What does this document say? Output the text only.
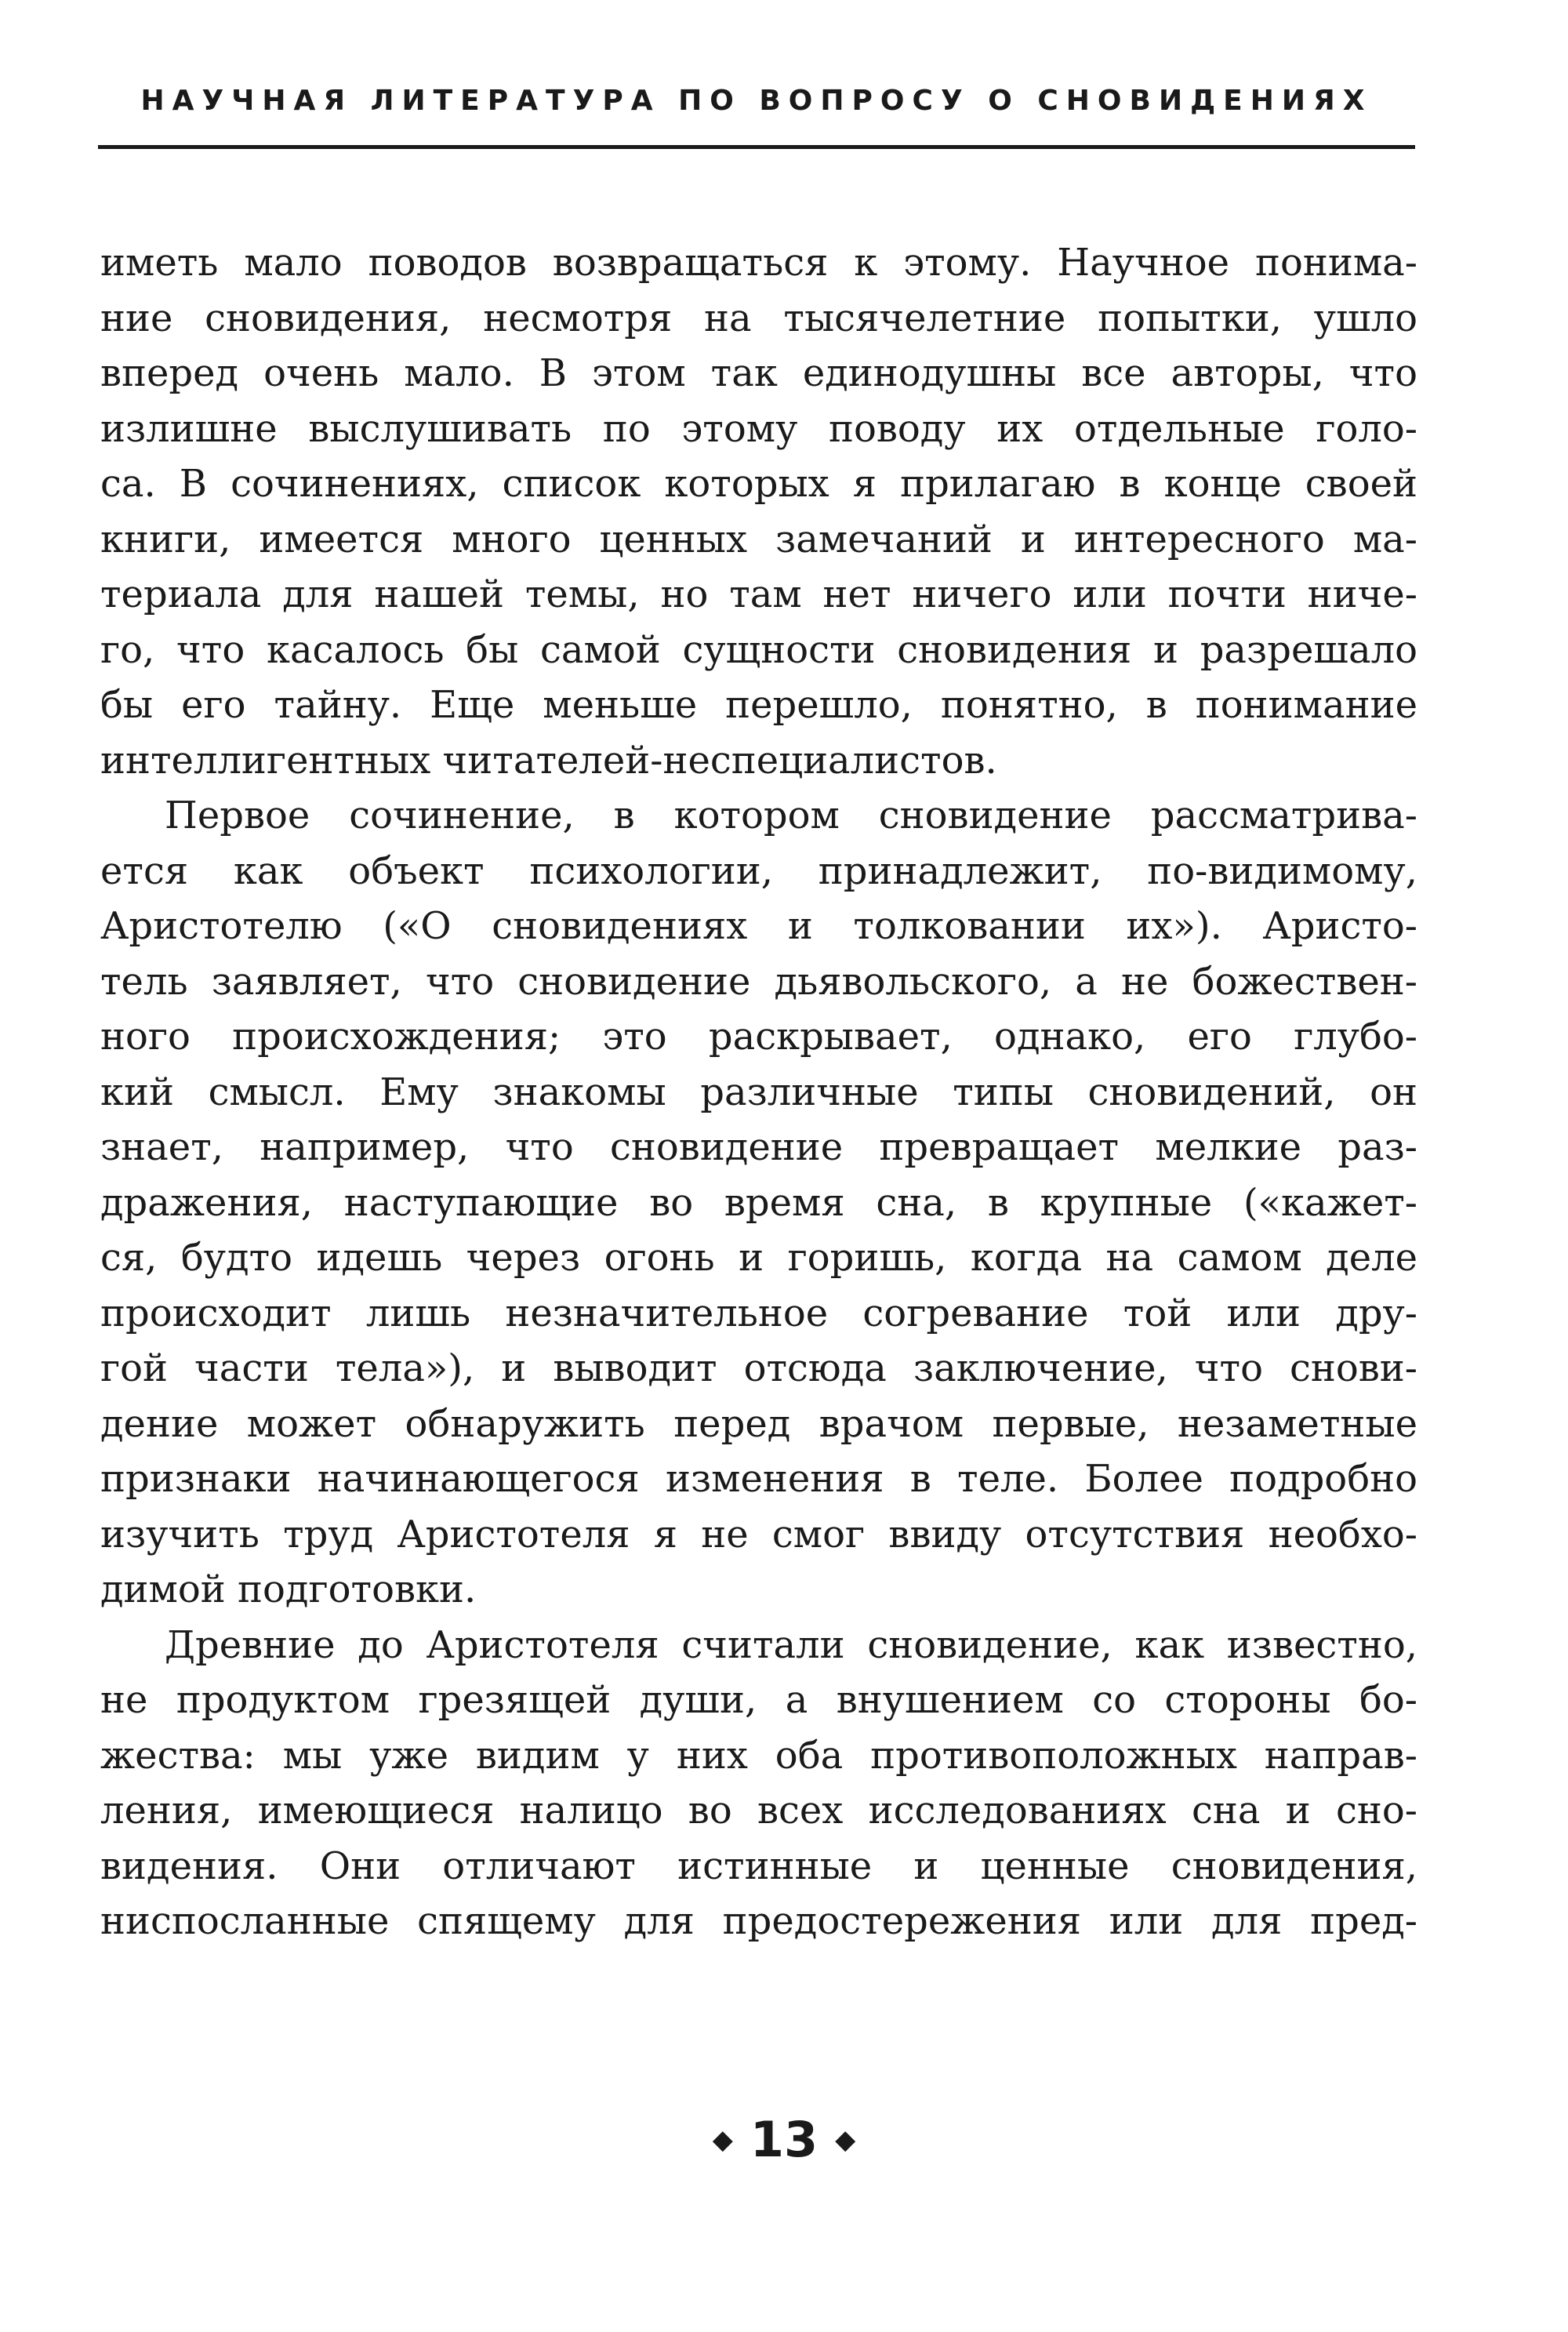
НАУЧНАЯ ЛИТЕРАТУРА ПО ВОПРОСУ О СНОВИДЕНИЯХ
иметь мало поводов возвращаться к этому. Научное понима-
ние сновидения, несмотря на тысячелетние попытки, ушло
вперед очень мало. В этом так единодушны все авторы, что
излишне выслушивать по этому поводу их отдельные голо-
са. В сочинениях, список которых я прилагаю в конце своей
книги, имеется много ценных замечаний и интересного ма-
териала для нашей темы, но там нет ничего или почти ниче-
го, что касалось бы самой сущности сновидения и разрешало
бы его тайну. Еще меньше перешло, понятно, в понимание
интеллигентных читателей-неспециалистов.
Первое сочинение, в котором сновидение рассматрива-
ется как объект психологии, принадлежит, по-видимому,
Аристотелю («О сновидениях и толковании их»). Аристо-
тель заявляет, что сновидение дьявольского, а не божествен-
ного происхождения; это раскрывает, однако, его глубо-
кий смысл. Ему знакомы различные типы сновидений, он
знает, например, что сновидение превращает мелкие раз-
дражения, наступающие во время сна, в крупные («кажет-
ся, будто идешь через огонь и горишь, когда на самом деле
происходит лишь незначительное согревание той или дру-
гой части тела»), и выводит отсюда заключение, что снови-
дение может обнаружить перед врачом первые, незаметные
признаки начинающегося изменения в теле. Более подробно
изучить труд Аристотеля я не смог ввиду отсутствия необхо-
димой подготовки.
Древние до Аристотеля считали сновидение, как известно,
не продуктом грезящей души, а внушением со стороны бо-
жества: мы уже видим у них оба противоположных направ-
ления, имеющиеся налицо во всех исследованиях сна и сно-
видения. Они отличают истинные и ценные сновидения,
ниспосланные спящему для предостережения или для пред-
◆ 13 ◆
